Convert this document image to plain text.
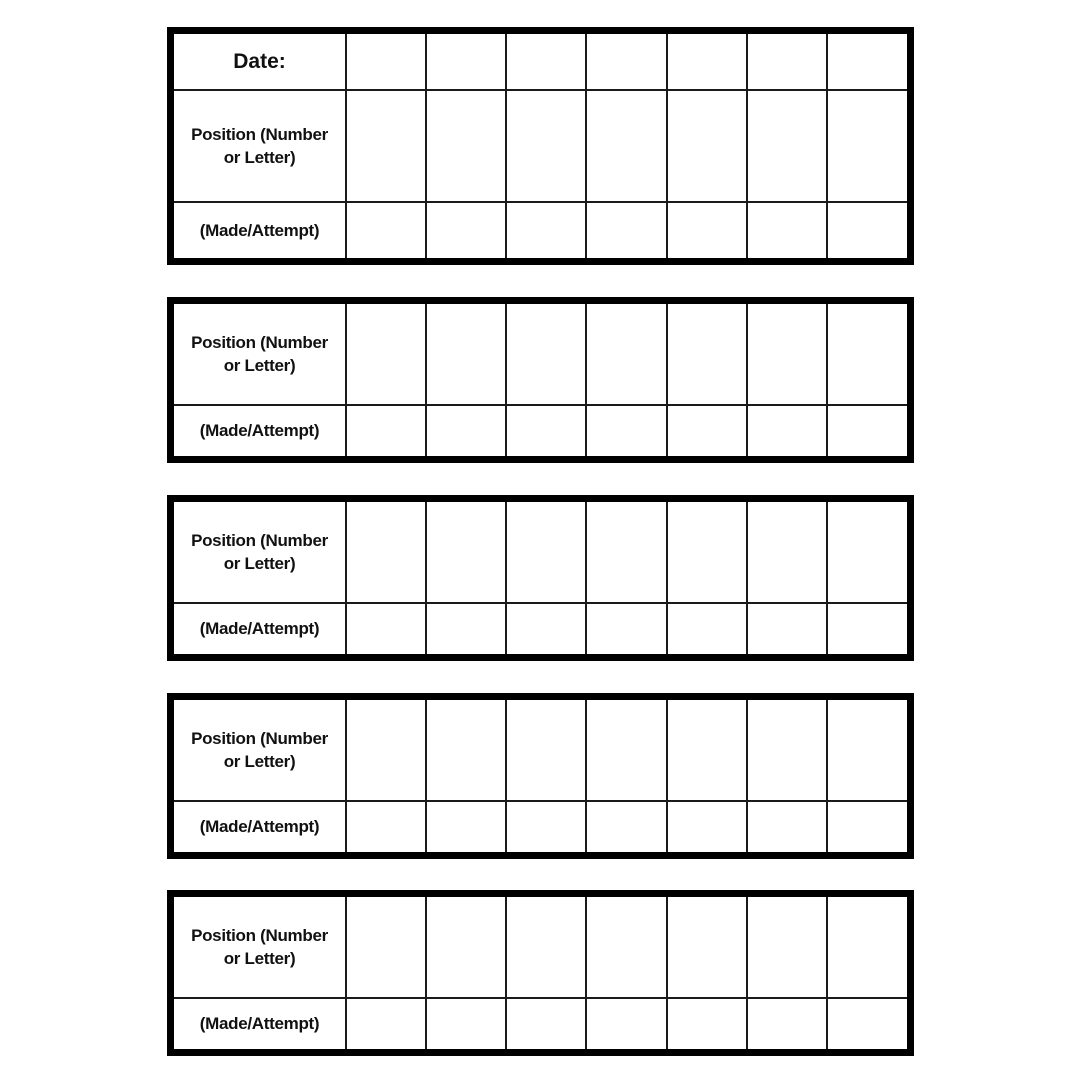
Date:							
Position (Number or Letter)							
(Made/Attempt)							
Position (Number or Letter)							
(Made/Attempt)							
Position (Number or Letter)							
(Made/Attempt)							
Position (Number or Letter)							
(Made/Attempt)							
Position (Number or Letter)							
(Made/Attempt)							
